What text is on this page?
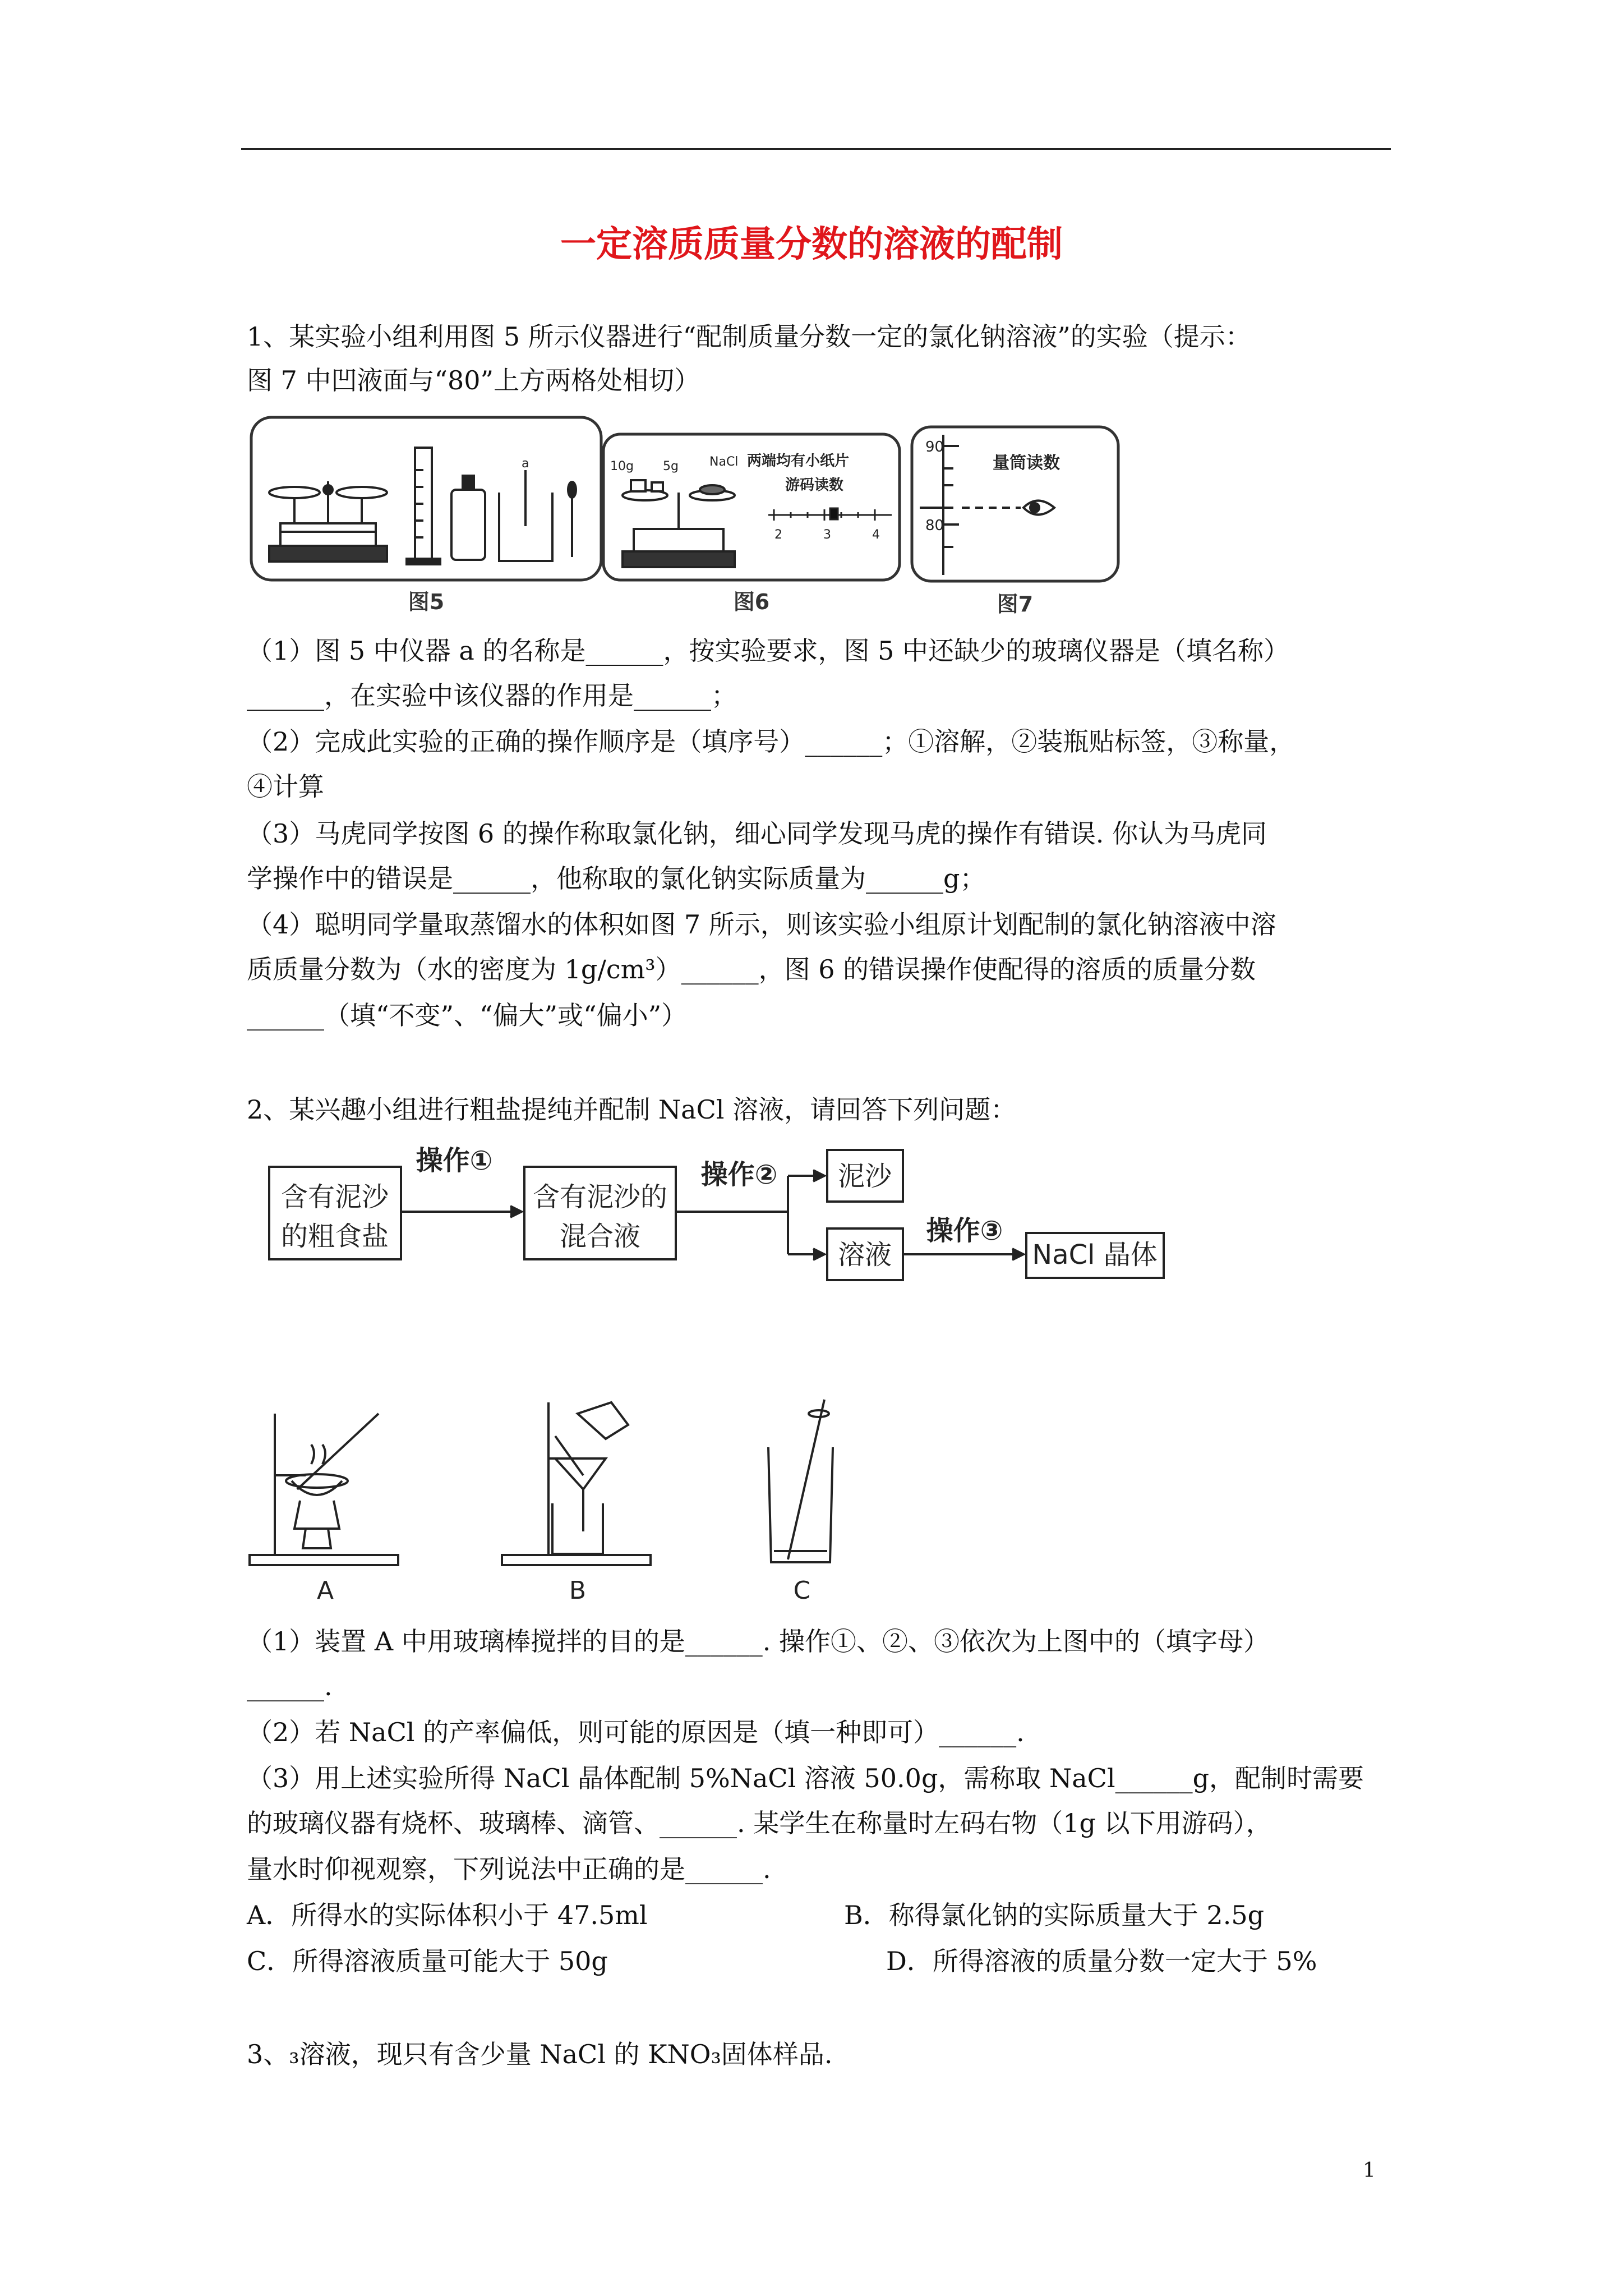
一定溶质质量分数的溶液的配制
1、某实验小组利用图 5 所示仪器进行“配制质量分数一定的氯化钠溶液”的实验（提示：
图 7 中凹液面与“80”上方两格处相切）
a
图5
10g 5g	NaCl 两端均有小纸片
游码读数
2	3	4
图6
90
80
量筒读数
图7
（1）图 5 中仪器 a 的名称是______，按实验要求，图 5 中还缺少的玻璃仪器是（填名称）
______，在实验中该仪器的作用是______；
（2）完成此实验的正确的操作顺序是（填序号）______；①溶解，②装瓶贴标签，③称量，
④计算
（3）马虎同学按图 6 的操作称取氯化钠，细心同学发现马虎的操作有错误. 你认为马虎同
学操作中的错误是______，他称取的氯化钠实际质量为______g；
（4）聪明同学量取蒸馏水的体积如图 7 所示，则该实验小组原计划配制的氯化钠溶液中溶
质质量分数为（水的密度为 1g/cm³）______，图 6 的错误操作使配得的溶质的质量分数
______（填“不变”、“偏大”或“偏小”）
2、某兴趣小组进行粗盐提纯并配制 NaCl 溶液，请回答下列问题：
含有泥沙
的粗食盐
含有泥沙的
混合液
泥沙
溶液	NaCl 晶体
操作①	操作②
操作③
A	B	C
（1）装置 A 中用玻璃棒搅拌的目的是______. 操作①、②、③依次为上图中的（填字母）
______.
（2）若 NaCl 的产率偏低，则可能的原因是（填一种即可）______.
（3）用上述实验所得 NaCl 晶体配制 5%NaCl 溶液 50.0g，需称取 NaCl______g，配制时需要
的玻璃仪器有烧杯、玻璃棒、滴管、______. 某学生在称量时左码右物（1g 以下用游码），
量水时仰视观察，下列说法中正确的是______.
A．所得水的实际体积小于 47.5ml	B．称得氯化钠的实际质量大于 2.5g
C．所得溶液质量可能大于 50g	D．所得溶液的质量分数一定大于 5%
3、₃溶液，现只有含少量 NaCl 的 KNO₃固体样品.
1
